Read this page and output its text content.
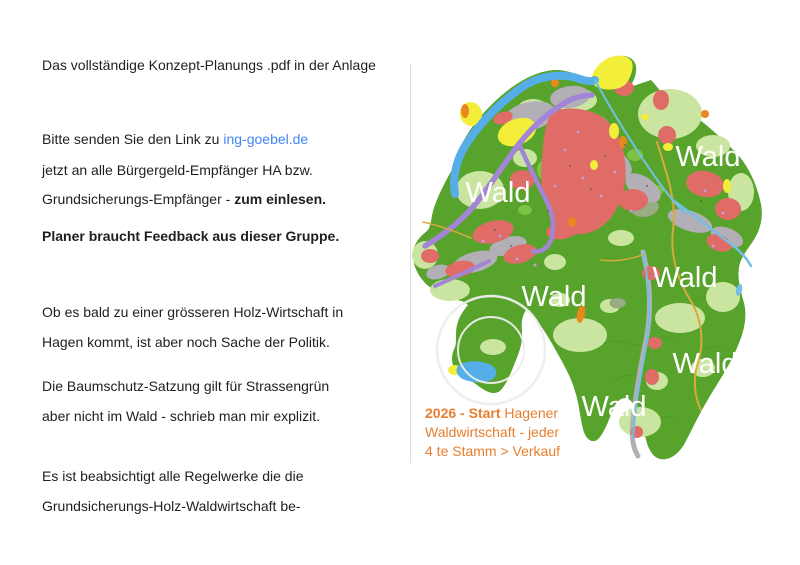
Das vollständige Konzept-Planungs .pdf in der Anlage
Bitte senden Sie den Link zu ing-goebel.de
jetzt an alle Bürgergeld-Empfänger HA bzw.
Grundsicherungs-Empfänger - zum einlesen.
Planer braucht Feedback aus dieser Gruppe.
Ob es bald zu einer grösseren Holz-Wirtschaft in
Hagen kommt, ist aber noch Sache der Politik.
Die Baumschutz-Satzung gilt für Strassengrün
aber nicht im Wald - schrieb man mir explizit.
Es ist beabsichtigt alle Regelwerke die die
Grundsicherungs-Holz-Waldwirtschaft be-
Wald
Wald
Wald
Wald
Wald
Wald
2026 - Start Hagener
Waldwirtschaft - jeder
4 te Stamm > Verkauf
